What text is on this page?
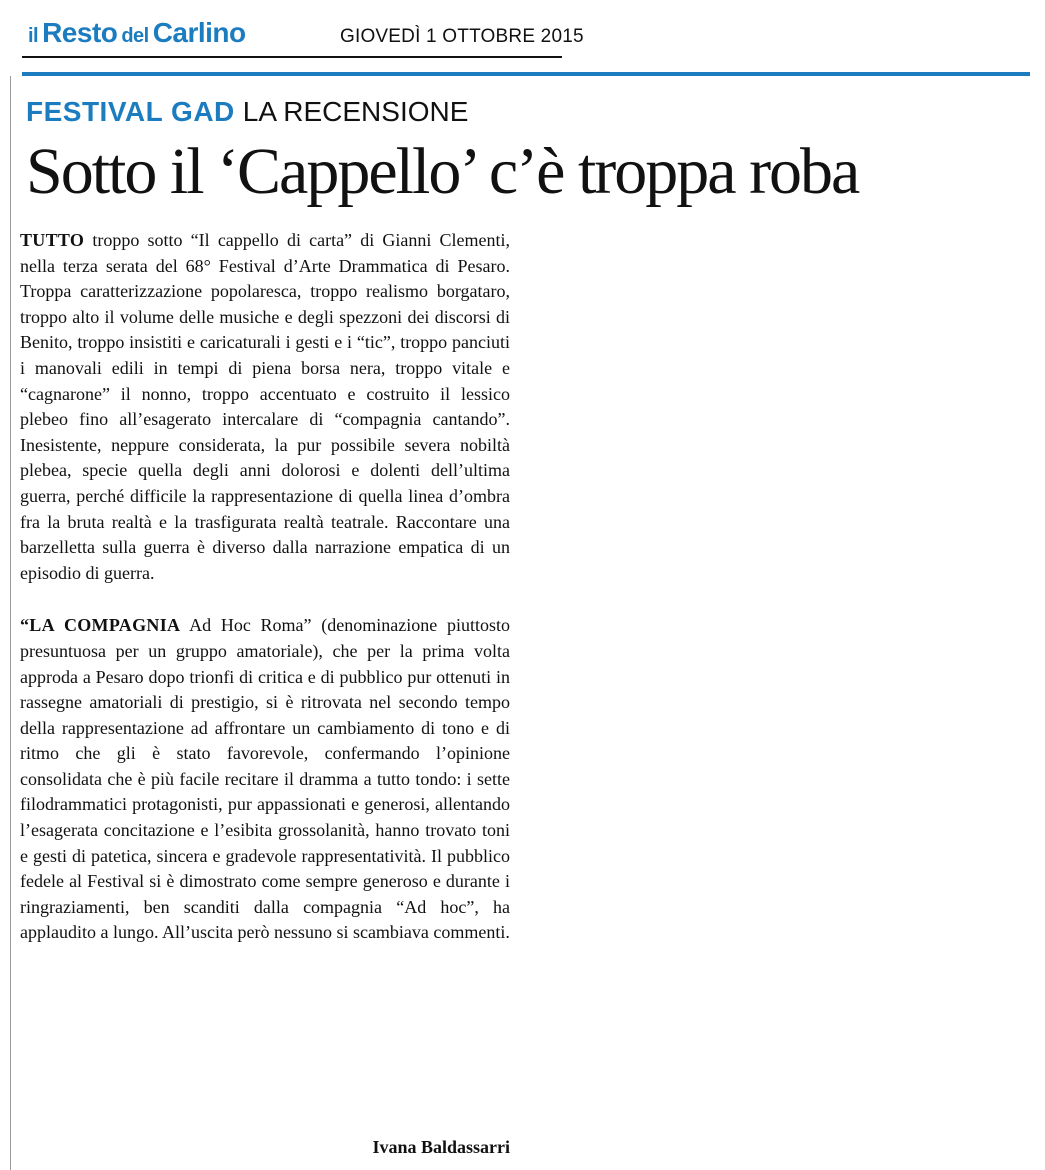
il Resto del Carlino	GIOVEDÌ 1 OTTOBRE 2015
FESTIVAL GAD LA RECENSIONE
Sotto il ‘Cappello’ c’è troppa roba

TUTTO troppo sotto “Il cappello di carta” di Gianni Clementi, nella terza serata del 68° Festival d’Arte Drammatica di Pesaro. Troppa caratterizzazione popolaresca, troppo realismo borgataro, troppo alto il volume delle musiche e degli spezzoni dei discorsi di Benito, troppo insistiti e caricaturali i gesti e i “tic”, troppo panciuti i manovali edili in tempi di piena borsa nera, troppo vitale e “cagnarone” il nonno, troppo accentuato e costruito il lessico plebeo fino all’esagerato intercalare di “compagnia cantando”. Inesistente, neppure considerata, la pur possibile severa nobiltà plebea, specie quella degli anni dolorosi e dolenti dell’ultima guerra, perché difficile la rappresentazione di quella linea d’ombra fra la bruta realtà e la trasfigurata realtà teatrale. Raccontare una barzelletta sulla guerra è diverso dalla narrazione empatica di un episodio di guerra.

“LA COMPAGNIA Ad Hoc Roma” (denominazione piuttosto presuntuosa per un gruppo amatoriale), che per la prima volta approda a Pesaro dopo trionfi di critica e di pubblico pur ottenuti in rassegne amatoriali di prestigio, si è ritrovata nel secondo tempo della rappresentazione ad affrontare un cambiamento di tono e di ritmo che gli è stato favorevole, confermando l’opinione consolidata che è più facile recitare il dramma a tutto tondo: i sette filodrammatici protagonisti, pur appassionati e generosi, allentando l’esagerata concitazione e l’esibita grossolanità, hanno trovato toni e gesti di patetica, sincera e gradevole rappresentatività. Il pubblico fedele al Festival si è dimostrato come sempre generoso e durante i ringraziamenti, ben scanditi dalla compagnia “Ad hoc”, ha applaudito a lungo. All’uscita però nessuno si scambiava commenti.

Ivana Baldassarri
